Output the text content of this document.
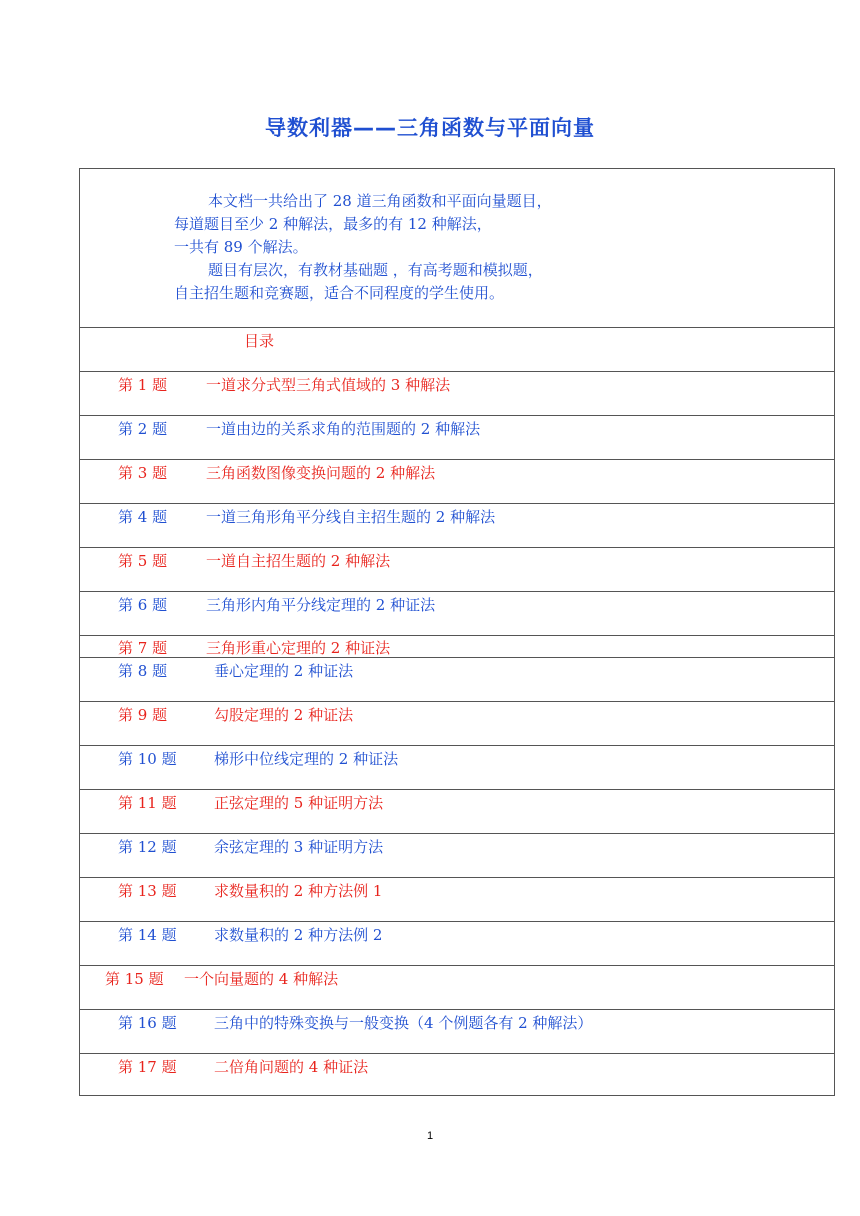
导数利器——三角函数与平面向量

本文档一共给出了 28 道三角函数和平面向量题目，

每道题目至少 2 种解法，最多的有 12 种解法，

一共有 89 个解法。

题目有层次，有教材基础题 ，有高考题和模拟题，

自主招生题和竞赛题，适合不同程度的学生使用。

目录
第 1 题	一道求分式型三角式值域的 3 种解法
第 2 题	一道由边的关系求角的范围题的 2 种解法
第 3 题	三角函数图像变换问题的 2 种解法
第 4 题	一道三角形角平分线自主招生题的 2 种解法
第 5 题	一道自主招生题的 2 种解法
第 6 题	三角形内角平分线定理的 2 种证法
第 7 题	三角形重心定理的 2 种证法
第 8 题	垂心定理的 2 种证法
第 9 题	勾股定理的 2 种证法
第 10 题 梯形中位线定理的 2 种证法
第 11 题 正弦定理的 5 种证明方法
第 12 题 余弦定理的 3 种证明方法
第 13 题 求数量积的 2 种方法例 1
第 14 题 求数量积的 2 种方法例 2
第 15 题 一个向量题的 4 种解法
第 16 题 三角中的特殊变换与一般变换（4 个例题各有 2 种解法）
第 17 题 二倍角问题的 4 种证法
1
